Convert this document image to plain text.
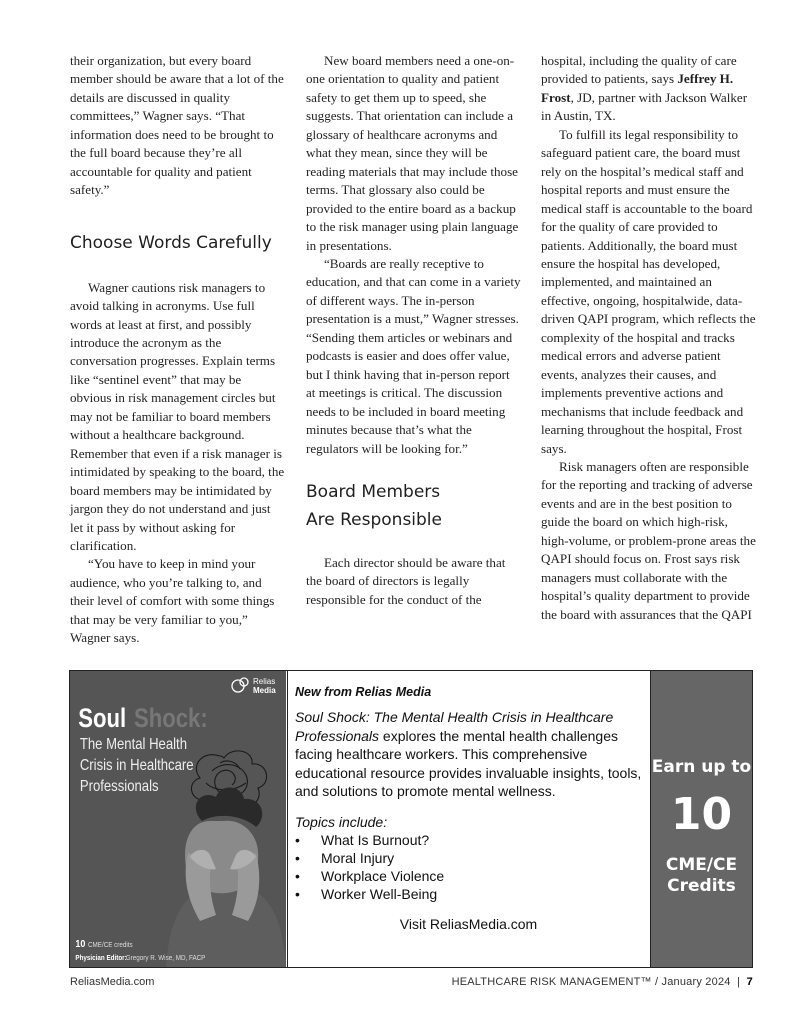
their organization, but every board member should be aware that a lot of the details are discussed in quality committees,” Wagner says. “That information does need to be brought to the full board because they’re all accountable for quality and patient safety.”

Choose Words Carefully

Wagner cautions risk managers to avoid talking in acronyms. Use full words at least at first, and possibly introduce the acronym as the conversation progresses. Explain terms like “sentinel event” that may be obvious in risk management circles but may not be familiar to board members without a healthcare background. Remember that even if a risk manager is intimidated by speaking to the board, the board members may be intimidated by jargon they do not understand and just let it pass by without asking for clarification.

“You have to keep in mind your audience, who you’re talking to, and their level of comfort with some things that may be very familiar to you,” Wagner says.

New board members need a one-on-one orientation to quality and patient safety to get them up to speed, she suggests. That orientation can include a glossary of healthcare acronyms and what they mean, since they will be reading materials that may include those terms. That glossary also could be provided to the entire board as a backup to the risk manager using plain language in presentations.

“Boards are really receptive to education, and that can come in a variety of different ways. The in-person presentation is a must,” Wagner stresses. “Sending them articles or webinars and podcasts is easier and does offer value, but I think having that in-person report at meetings is critical. The discussion needs to be included in board meeting minutes because that’s what the regulators will be looking for.”

Board Members
Are Responsible

Each director should be aware that the board of directors is legally responsible for the conduct of the

hospital, including the quality of care provided to patients, says Jeffrey H. Frost, JD, partner with Jackson Walker in Austin, TX.

To fulfill its legal responsibility to safeguard patient care, the board must rely on the hospital’s medical staff and hospital reports and must ensure the medical staff is accountable to the board for the quality of care provided to patients. Additionally, the board must ensure the hospital has developed, implemented, and maintained an effective, ongoing, hospitalwide, data-driven QAPI program, which reflects the complexity of the hospital and tracks medical errors and adverse patient events, analyzes their causes, and implements preventive actions and mechanisms that include feedback and learning throughout the hospital, Frost says.

Risk managers often are responsible for the reporting and tracking of adverse events and are in the best position to guide the board on which high-risk, high-volume, or problem-prone areas the QAPI should focus on. Frost says risk managers must collaborate with the hospital’s quality department to provide the board with assurances that the QAPI

Relias
Media
Soul Shock:
The Mental Health
Crisis in Healthcare
Professionals
10 CME/CE credits
Physician Editor: Gregory R. Wise, MD, FACP

New from Relias Media

Soul Shock: The Mental Health Crisis in Healthcare Professionals explores the mental health challenges facing healthcare workers. This comprehensive educational resource provides invaluable insights, tools, and solutions to promote mental wellness.

Topics include:

•	What Is Burnout?
•	Moral Injury
•	Workplace Violence
•	Worker Well-Being
Visit ReliasMedia.com
Earn up to
10
CME/CE
Credits
ReliasMedia.com	HEALTHCARE RISK MANAGEMENT™ / January 2024 | 7
